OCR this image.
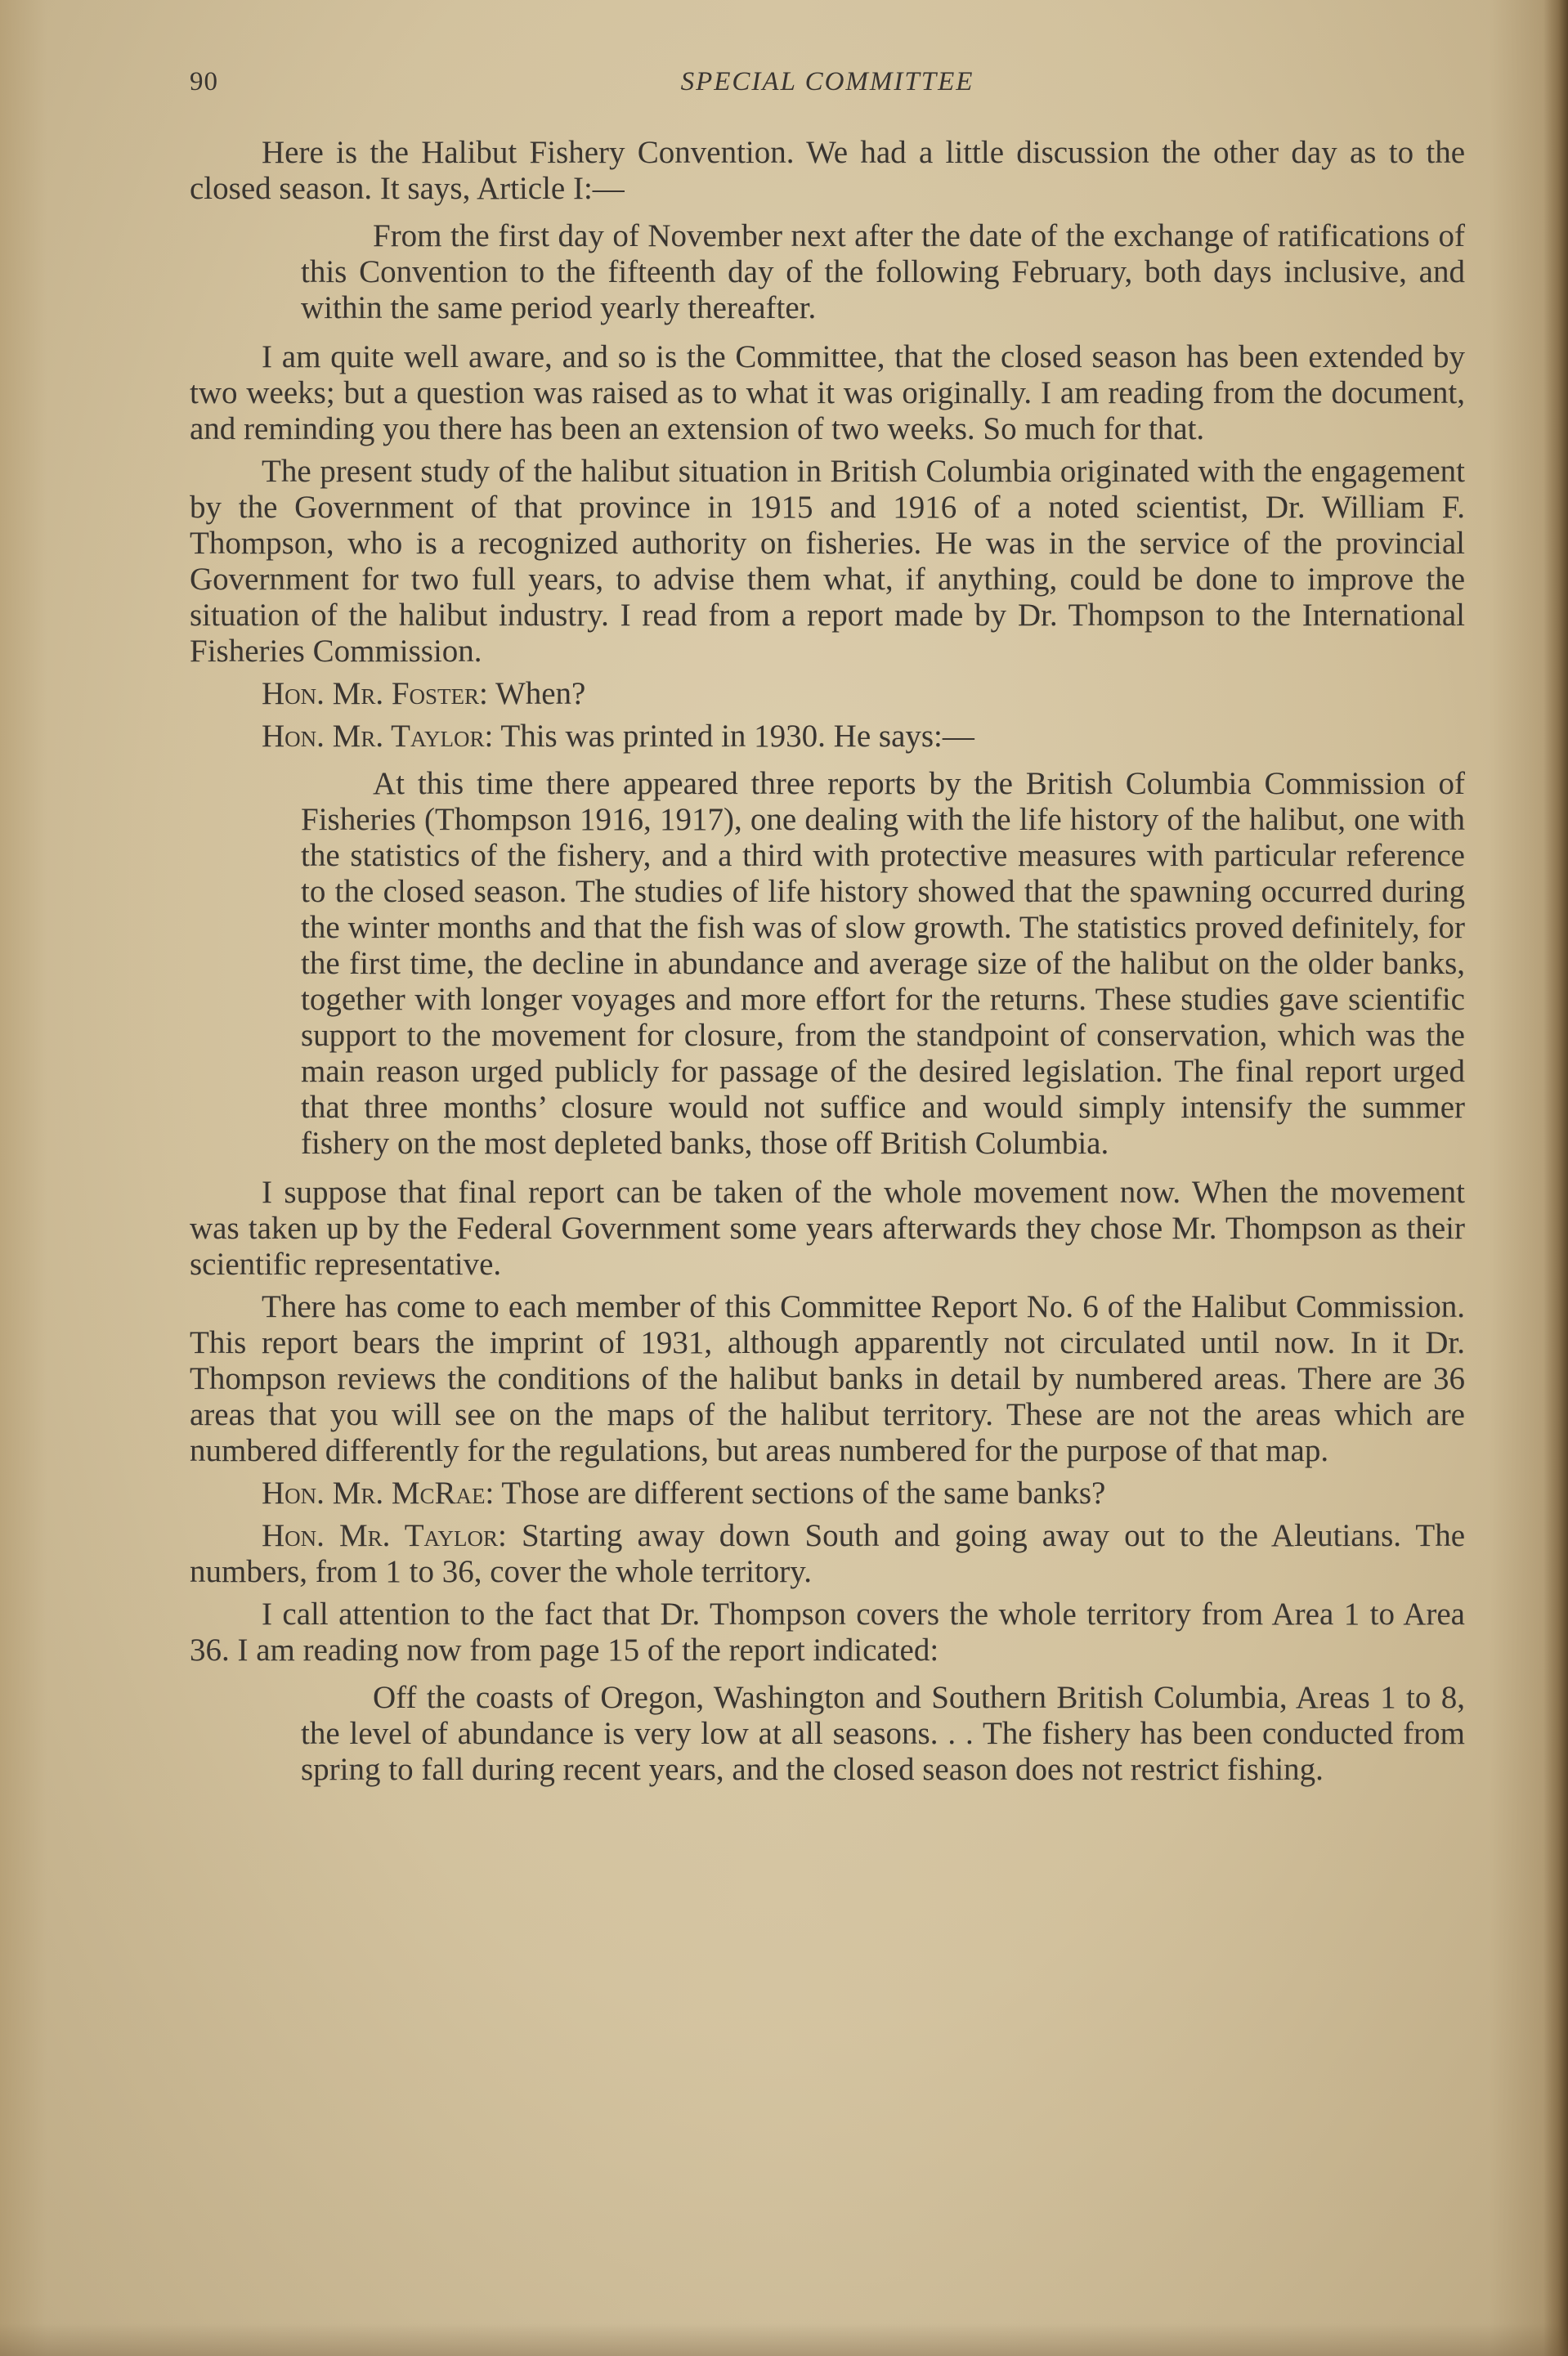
90	SPECIAL COMMITTEE

Here is the Halibut Fishery Convention. We had a little discussion the other day as to the closed season. It says, Article I:—

From the first day of November next after the date of the exchange of ratifications of this Convention to the fifteenth day of the following February, both days inclusive, and within the same period yearly thereafter.

I am quite well aware, and so is the Committee, that the closed season has been extended by two weeks; but a question was raised as to what it was originally. I am reading from the document, and reminding you there has been an extension of two weeks. So much for that.

The present study of the halibut situation in British Columbia originated with the engagement by the Government of that province in 1915 and 1916 of a noted scientist, Dr. William F. Thompson, who is a recognized authority on fisheries. He was in the service of the provincial Government for two full years, to advise them what, if anything, could be done to improve the situation of the halibut industry. I read from a report made by Dr. Thompson to the International Fisheries Commission.

Hon. Mr. Foster: When?

Hon. Mr. Taylor: This was printed in 1930. He says:—

At this time there appeared three reports by the British Columbia Commission of Fisheries (Thompson 1916, 1917), one dealing with the life history of the halibut, one with the statistics of the fishery, and a third with protective measures with particular reference to the closed season. The studies of life history showed that the spawning occurred during the winter months and that the fish was of slow growth. The statistics proved definitely, for the first time, the decline in abundance and average size of the halibut on the older banks, together with longer voyages and more effort for the returns. These studies gave scientific support to the movement for closure, from the standpoint of conservation, which was the main reason urged publicly for passage of the desired legislation. The final report urged that three months’ closure would not suffice and would simply intensify the summer fishery on the most depleted banks, those off British Columbia.

I suppose that final report can be taken of the whole movement now. When the movement was taken up by the Federal Government some years afterwards they chose Mr. Thompson as their scientific representative.

There has come to each member of this Committee Report No. 6 of the Halibut Commission. This report bears the imprint of 1931, although apparently not circulated until now. In it Dr. Thompson reviews the conditions of the halibut banks in detail by numbered areas. There are 36 areas that you will see on the maps of the halibut territory. These are not the areas which are numbered differently for the regulations, but areas numbered for the purpose of that map.

Hon. Mr. McRae: Those are different sections of the same banks?

Hon. Mr. Taylor: Starting away down South and going away out to the Aleutians. The numbers, from 1 to 36, cover the whole territory.

I call attention to the fact that Dr. Thompson covers the whole territory from Area 1 to Area 36. I am reading now from page 15 of the report indicated:

Off the coasts of Oregon, Washington and Southern British Columbia, Areas 1 to 8, the level of abundance is very low at all seasons. . . The fishery has been conducted from spring to fall during recent years, and the closed season does not restrict fishing.
